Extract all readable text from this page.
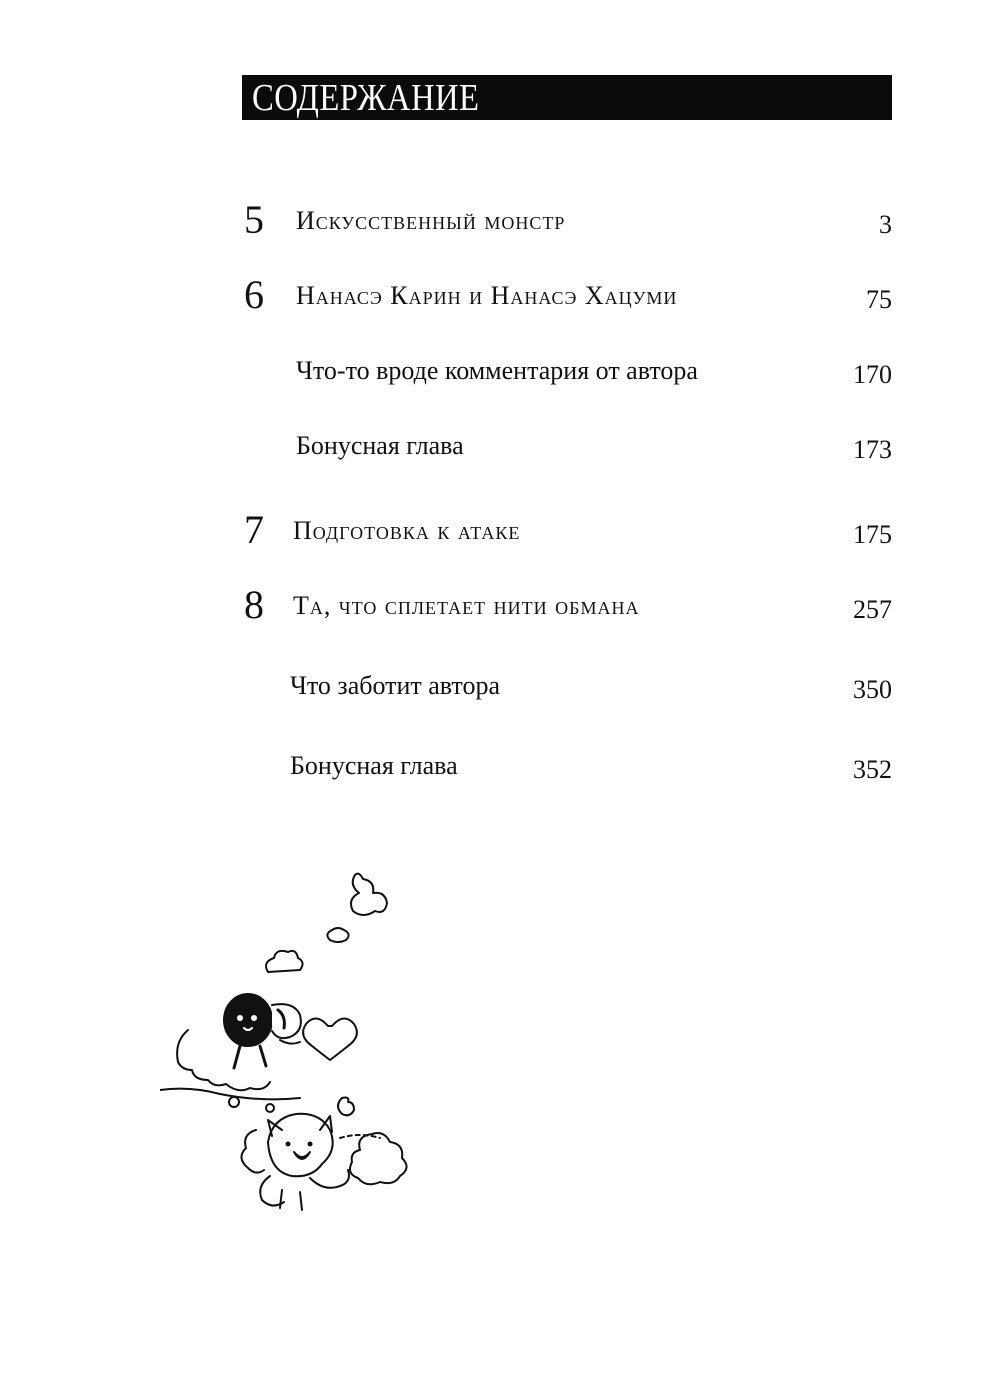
СОДЕРЖАНИЕ
5 Искусственный монстр	3
6 Нанасэ Карин и Нанасэ Хацуми	75
Что-то вроде комментария от автора	170
Бонусная глава	173
7 Подготовка к атаке	175
8 Та, что сплетает нити обмана	257
Что заботит автора	350
Бонусная глава	352
